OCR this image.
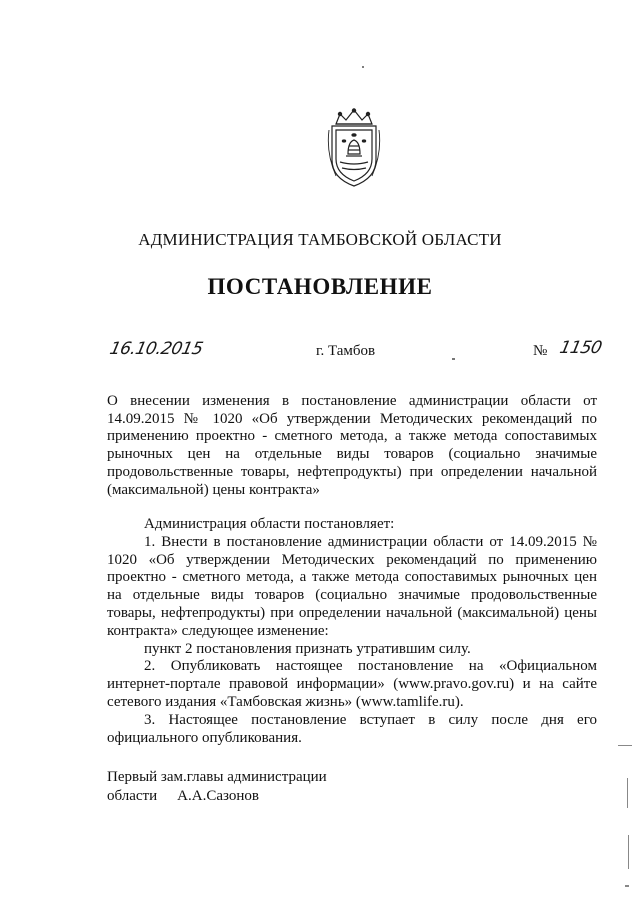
АДМИНИСТРАЦИЯ ТАМБОВСКОЙ ОБЛАСТИ
ПОСТАНОВЛЕНИЕ
16.10.2015	г. Тамбов	№ 1150

О внесении изменения в постановление администрации области от 14.09.2015 № 1020 «Об утверждении Методических рекомендаций по применению проектно - сметного метода, а также метода сопоставимых рыночных цен на отдельные виды товаров (социально значимые продовольственные товары, нефтепродукты) при определении начальной (максимальной) цены контракта»

Администрация области постановляет:

1. Внести в постановление администрации области от 14.09.2015 № 1020 «Об утверждении Методических рекомендаций по применению проектно - сметного метода, а также метода сопоставимых рыночных цен на отдельные виды товаров (социально значимые продовольственные товары, нефтепродукты) при определении начальной (максимальной) цены контракта» следующее изменение:

пункт 2 постановления признать утратившим силу.

2. Опубликовать настоящее постановление на «Официальном интернет-портале правовой информации» (www.pravo.gov.ru) и на сайте сетевого издания «Тамбовская жизнь» (www.tamlife.ru).

3. Настоящее постановление вступает в силу после дня его официального опубликования.

Первый зам.главы администрации
области А.А.Сазонов
